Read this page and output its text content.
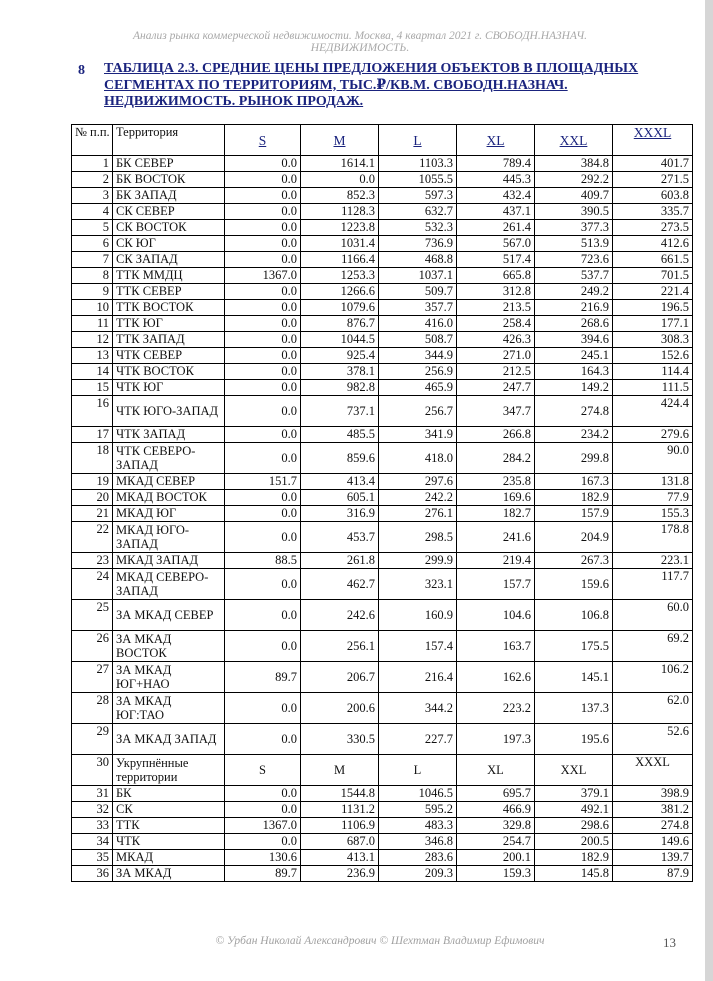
Анализ рынка коммерческой недвижимости. Москва, 4 квартал 2021 г. СВОБОДН.НАЗНАЧ.
НЕДВИЖИМОСТЬ.
8 ТАБЛИЦА 2.3. СРЕДНИЕ ЦЕНЫ ПРЕДЛОЖЕНИЯ ОБЪЕКТОВ В ПЛОЩАДНЫХ СЕГМЕНТАХ ПО ТЕРРИТОРИЯМ, ТЫС.₽/КВ.М. СВОБОДН.НАЗНАЧ. НЕДВИЖИМОСТЬ. РЫНОК ПРОДАЖ.
№ п.п.	Территория	S	M	L	XL	XXL	XXXL
1	БК СЕВЕР	0.0	1614.1	1103.3	789.4	384.8	401.7
2	БК ВОСТОК	0.0	0.0	1055.5	445.3	292.2	271.5
3	БК ЗАПАД	0.0	852.3	597.3	432.4	409.7	603.8
4	СК СЕВЕР	0.0	1128.3	632.7	437.1	390.5	335.7
5	СК ВОСТОК	0.0	1223.8	532.3	261.4	377.3	273.5
6	СК ЮГ	0.0	1031.4	736.9	567.0	513.9	412.6
7	СК ЗАПАД	0.0	1166.4	468.8	517.4	723.6	661.5
8	ТТК ММДЦ	1367.0	1253.3	1037.1	665.8	537.7	701.5
9	ТТК СЕВЕР	0.0	1266.6	509.7	312.8	249.2	221.4
10	ТТК ВОСТОК	0.0	1079.6	357.7	213.5	216.9	196.5
11	ТТК ЮГ	0.0	876.7	416.0	258.4	268.6	177.1
12	ТТК ЗАПАД	0.0	1044.5	508.7	426.3	394.6	308.3
13	ЧТК СЕВЕР	0.0	925.4	344.9	271.0	245.1	152.6
14	ЧТК ВОСТОК	0.0	378.1	256.9	212.5	164.3	114.4
15	ЧТК ЮГ	0.0	982.8	465.9	247.7	149.2	111.5
16	ЧТК ЮГО-ЗАПАД	0.0	737.1	256.7	347.7	274.8	424.4
17	ЧТК ЗАПАД	0.0	485.5	341.9	266.8	234.2	279.6
18	ЧТК СЕВЕРО-ЗАПАД	0.0	859.6	418.0	284.2	299.8	90.0
19	МКАД СЕВЕР	151.7	413.4	297.6	235.8	167.3	131.8
20	МКАД ВОСТОК	0.0	605.1	242.2	169.6	182.9	77.9
21	МКАД ЮГ	0.0	316.9	276.1	182.7	157.9	155.3
22	МКАД ЮГО-ЗАПАД	0.0	453.7	298.5	241.6	204.9	178.8
23	МКАД ЗАПАД	88.5	261.8	299.9	219.4	267.3	223.1
24	МКАД СЕВЕРО-ЗАПАД	0.0	462.7	323.1	157.7	159.6	117.7
25	ЗА МКАД СЕВЕР	0.0	242.6	160.9	104.6	106.8	60.0
26	ЗА МКАД ВОСТОК	0.0	256.1	157.4	163.7	175.5	69.2
27	ЗА МКАД ЮГ+НАО	89.7	206.7	216.4	162.6	145.1	106.2
28	ЗА МКАД ЮГ:ТАО	0.0	200.6	344.2	223.2	137.3	62.0
29	ЗА МКАД ЗАПАД	0.0	330.5	227.7	197.3	195.6	52.6
30	Укрупнённые территории	S	M	L	XL	XXL	XXXL
31	БК	0.0	1544.8	1046.5	695.7	379.1	398.9
32	СК	0.0	1131.2	595.2	466.9	492.1	381.2
33	ТТК	1367.0	1106.9	483.3	329.8	298.6	274.8
34	ЧТК	0.0	687.0	346.8	254.7	200.5	149.6
35	МКАД	130.6	413.1	283.6	200.1	182.9	139.7
36	ЗА МКАД	89.7	236.9	209.3	159.3	145.8	87.9
© Урбан Николай Александрович © Шехтман Владимир Ефимович	13
